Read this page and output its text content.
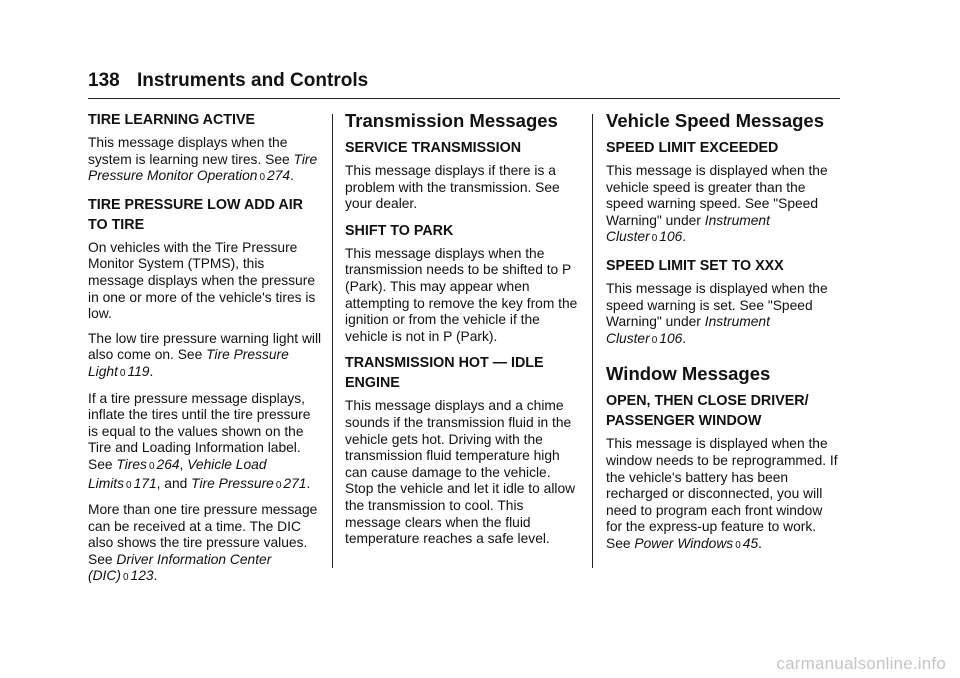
138 Instruments and Controls
TIRE LEARNING ACTIVE

This message displays when the system is learning new tires. See Tire Pressure Monitor Operation 0 274.

TIRE PRESSURE LOW ADD AIR TO TIRE

On vehicles with the Tire Pressure Monitor System (TPMS), this message displays when the pressure in one or more of the vehicle's tires is low.

The low tire pressure warning light will also come on. See Tire Pressure Light 0 119.

If a tire pressure message displays, inflate the tires until the tire pressure is equal to the values shown on the Tire and Loading Information label. See Tires 0 264, Vehicle Load Limits 0 171, and Tire Pressure 0 271.

More than one tire pressure message can be received at a time. The DIC also shows the tire pressure values. See Driver Information Center (DIC) 0 123.

Transmission Messages
SERVICE TRANSMISSION

This message displays if there is a problem with the transmission. See your dealer.

SHIFT TO PARK

This message displays when the transmission needs to be shifted to P (Park). This may appear when attempting to remove the key from the ignition or from the vehicle if the vehicle is not in P (Park).

TRANSMISSION HOT — IDLE ENGINE

This message displays and a chime sounds if the transmission fluid in the vehicle gets hot. Driving with the transmission fluid temperature high can cause damage to the vehicle. Stop the vehicle and let it idle to allow the transmission to cool. This message clears when the fluid temperature reaches a safe level.

Vehicle Speed Messages
SPEED LIMIT EXCEEDED

This message is displayed when the vehicle speed is greater than the speed warning speed. See "Speed Warning" under Instrument Cluster 0 106.

SPEED LIMIT SET TO XXX

This message is displayed when the speed warning is set. See "Speed Warning" under Instrument Cluster 0 106.

Window Messages
OPEN, THEN CLOSE DRIVER/ PASSENGER WINDOW

This message is displayed when the window needs to be reprogrammed. If the vehicle's battery has been recharged or disconnected, you will need to program each front window for the express-up feature to work. See Power Windows 0 45.

carmanualsonline.info
